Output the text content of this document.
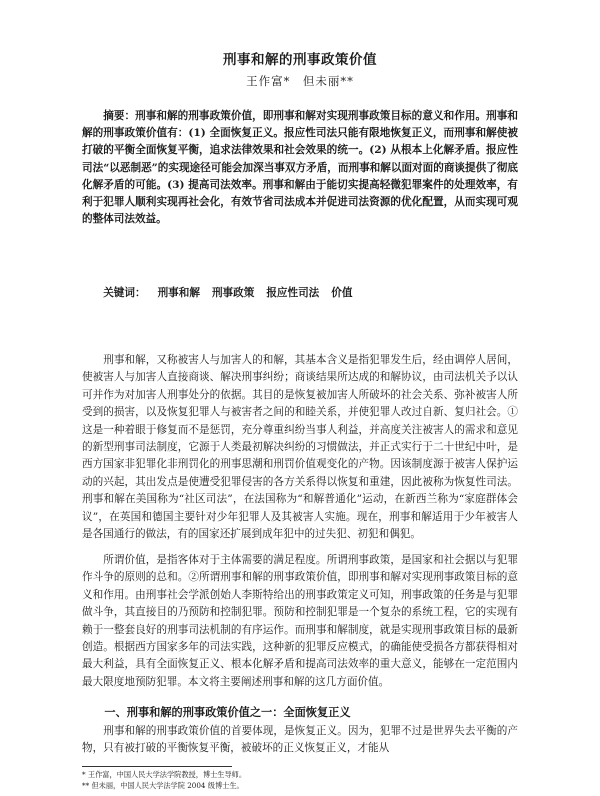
刑事和解的刑事政策价值
王作富*　但未丽**

摘要：刑事和解的刑事政策价值，即刑事和解对实现刑事政策目标的意义和作用。刑事和解的刑事政策价值有：(1) 全面恢复正义。报应性司法只能有限地恢复正义，而刑事和解使被打破的平衡全面恢复平衡，追求法律效果和社会效果的统一。(2) 从根本上化解矛盾。报应性司法“以恶制恶”的实现途径可能会加深当事双方矛盾，而刑事和解以面对面的商谈提供了彻底化解矛盾的可能。(3) 提高司法效率。刑事和解由于能切实提高轻微犯罪案件的处理效率，有利于犯罪人顺利实现再社会化，有效节省司法成本并促进司法资源的优化配置，从而实现可观的整体司法效益。

关键词： 刑事和解 刑事政策 报应性司法 价值

刑事和解，又称被害人与加害人的和解，其基本含义是指犯罪发生后，经由调停人居间，使被害人与加害人直接商谈、解决刑事纠纷；商谈结果所达成的和解协议，由司法机关予以认可并作为对加害人刑事处分的依据。其目的是恢复被加害人所破坏的社会关系、弥补被害人所受到的损害，以及恢复犯罪人与被害者之间的和睦关系，并使犯罪人改过自新、复归社会。①这是一种着眼于修复而不是惩罚，充分尊重纠纷当事人利益，并高度关注被害人的需求和意见的新型刑事司法制度，它源于人类最初解决纠纷的习惯做法，并正式实行于二十世纪中叶，是西方国家非犯罪化非刑罚化的刑事思潮和刑罚价值观变化的产物。因该制度源于被害人保护运动的兴起，其出发点是使遭受犯罪侵害的各方关系得以恢复和重建，因此被称为恢复性司法。刑事和解在美国称为“社区司法”，在法国称为“和解普通化”运动，在新西兰称为“家庭群体会议”，在英国和德国主要针对少年犯罪人及其被害人实施。现在，刑事和解适用于少年被害人是各国通行的做法，有的国家还扩展到成年犯中的过失犯、初犯和偶犯。

所谓价值，是指客体对于主体需要的满足程度。所谓刑事政策，是国家和社会据以与犯罪作斗争的原则的总和。②所谓刑事和解的刑事政策价值，即刑事和解对实现刑事政策目标的意义和作用。由刑事社会学派创始人李斯特给出的刑事政策定义可知，刑事政策的任务是与犯罪做斗争，其直接目的乃预防和控制犯罪。预防和控制犯罪是一个复杂的系统工程，它的实现有赖于一整套良好的刑事司法机制的有序运作。而刑事和解制度，就是实现刑事政策目标的最新创造。根据西方国家多年的司法实践，这种新的犯罪反应模式，的确能使受损各方都获得相对最大利益，具有全面恢复正义、根本化解矛盾和提高司法效率的重大意义，能够在一定范围内最大限度地预防犯罪。本文将主要阐述刑事和解的这几方面价值。

一、刑事和解的刑事政策价值之一：全面恢复正义

刑事和解的刑事政策价值的首要体现，是恢复正义。因为，犯罪不过是世界失去平衡的产物，只有被打破的平衡恢复平衡，被破坏的正义恢复正义，才能从

* 王作富，中国人民大学法学院教授，博士生导师。
** 但未丽，中国人民大学法学院 2004 级博士生。
